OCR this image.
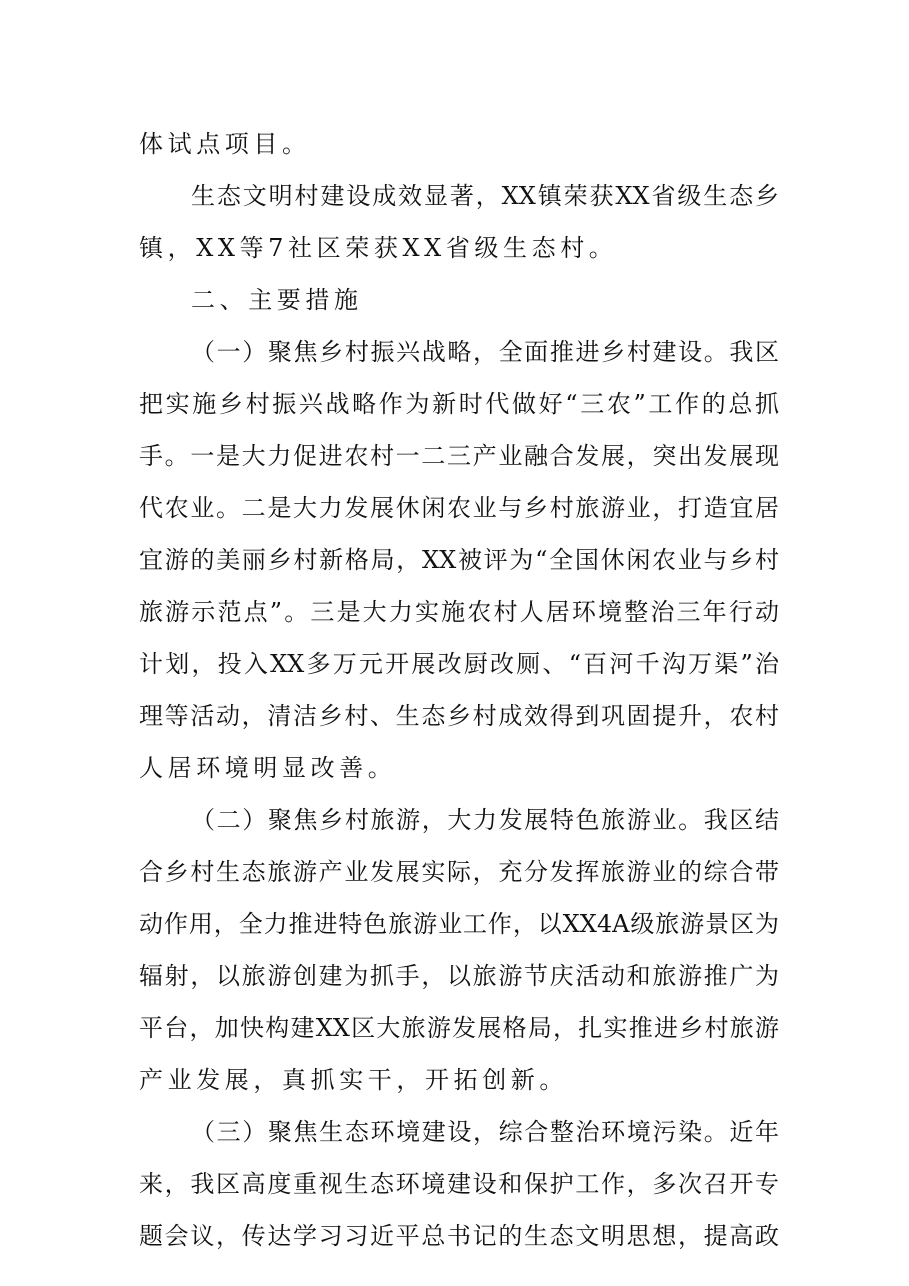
体试点项目。
生态文明村建设成效显著，XX镇荣获XX省级生态乡
镇，XX等7社区荣获XX省级生态村。
二、主要措施
（一）聚焦乡村振兴战略，全面推进乡村建设。我区
把实施乡村振兴战略作为新时代做好“三农”工作的总抓
手。一是大力促进农村一二三产业融合发展，突出发展现
代农业。二是大力发展休闲农业与乡村旅游业，打造宜居
宜游的美丽乡村新格局，XX被评为“全国休闲农业与乡村
旅游示范点”。三是大力实施农村人居环境整治三年行动
计划，投入XX多万元开展改厨改厕、“百河千沟万渠”治
理等活动，清洁乡村、生态乡村成效得到巩固提升，农村
人居环境明显改善。
（二）聚焦乡村旅游，大力发展特色旅游业。我区结
合乡村生态旅游产业发展实际，充分发挥旅游业的综合带
动作用，全力推进特色旅游业工作，以XX4A级旅游景区为
辐射，以旅游创建为抓手，以旅游节庆活动和旅游推广为
平台，加快构建XX区大旅游发展格局，扎实推进乡村旅游
产业发展，真抓实干，开拓创新。
（三）聚焦生态环境建设，综合整治环境污染。近年
来，我区高度重视生态环境建设和保护工作，多次召开专
题会议，传达学习习近平总书记的生态文明思想，提高政
